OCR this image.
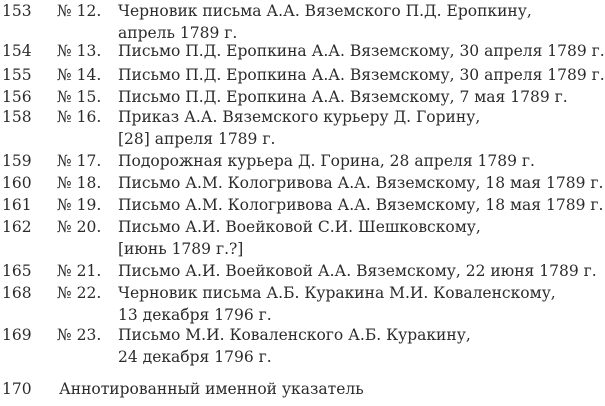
153 № 12. Черновик письма А.А. Вяземского П.Д. Еропкину,
апрель 1789 г.
154 № 13. Письмо П.Д. Еропкина А.А. Вяземскому, 30 апреля 1789 г.
155 № 14. Письмо П.Д. Еропкина А.А. Вяземскому, 30 апреля 1789 г.
156 № 15. Письмо П.Д. Еропкина А.А. Вяземскому, 7 мая 1789 г.
158 № 16. Приказ А.А. Вяземского курьеру Д. Горину,
[28] апреля 1789 г.
159 № 17. Подорожная курьера Д. Горина, 28 апреля 1789 г.
160 № 18. Письмо А.М. Кологривова А.А. Вяземскому, 18 мая 1789 г.
161 № 19. Письмо А.М. Кологривова А.А. Вяземскому, 18 мая 1789 г.
162 № 20. Письмо А.И. Воейковой С.И. Шешковскому,
[июнь 1789 г.?]
165 № 21. Письмо А.И. Воейковой А.А. Вяземскому, 22 июня 1789 г.
168 № 22. Черновик письма А.Б. Куракина М.И. Коваленскому,
13 декабря 1796 г.
169 № 23. Письмо М.И. Коваленского А.Б. Куракину,
24 декабря 1796 г.
170 Аннотированный именной указатель
